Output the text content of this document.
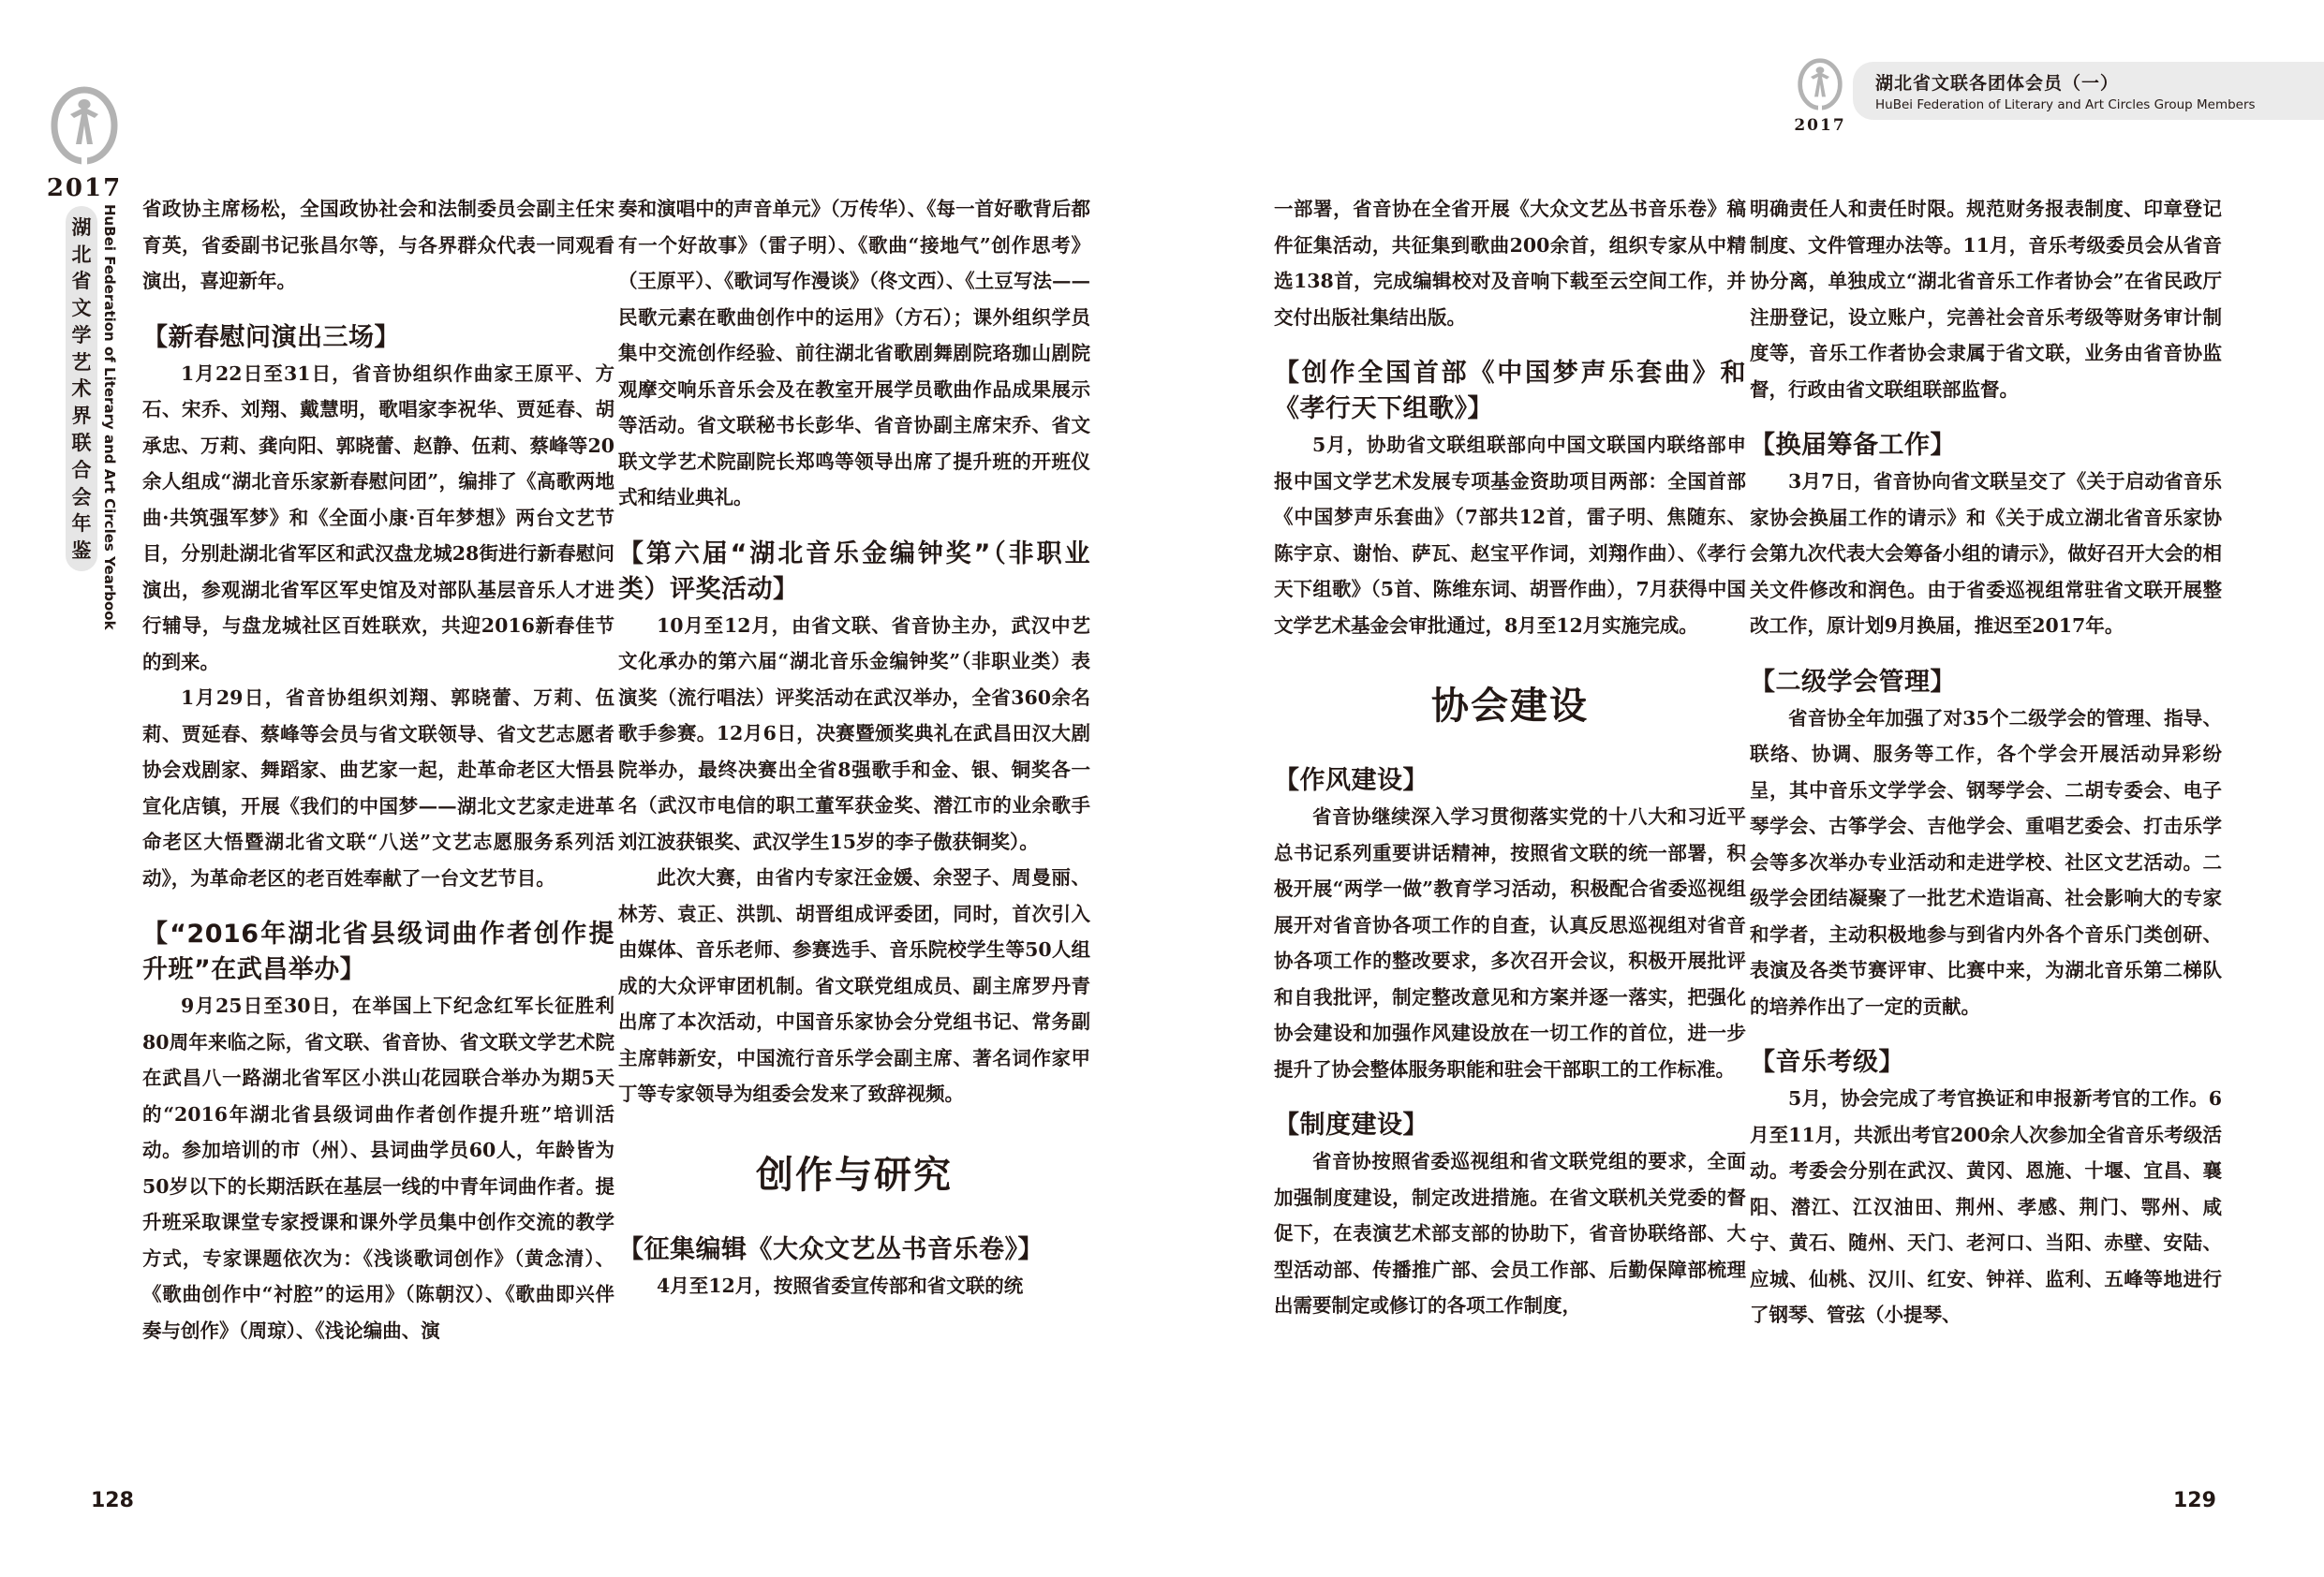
2017
湖
北
省
文
学
艺
术
界
联
合
会
年
鉴 HuBei Federation of Literary and Art Circles Yearbook 省政协主席杨松，全国政协社会和法制委员会副主任宋育英，省委副书记张昌尔等，与各界群众代表一同观看演出，喜迎新年。

【新春慰问演出三场】

1月22日至31日，省音协组织作曲家王原平、方石、宋乔、刘翔、戴慧明，歌唱家李祝华、贾延春、胡承忠、万莉、龚向阳、郭晓蕾、赵静、伍莉、蔡峰等20余人组成“湖北音乐家新春慰问团”，编排了《高歌两地曲·共筑强军梦》和《全面小康·百年梦想》两台文艺节目，分别赴湖北省军区和武汉盘龙城28街进行新春慰问演出，参观湖北省军区军史馆及对部队基层音乐人才进行辅导，与盘龙城社区百姓联欢，共迎2016新春佳节的到来。

1月29日，省音协组织刘翔、郭晓蕾、万莉、伍莉、贾延春、蔡峰等会员与省文联领导、省文艺志愿者协会戏剧家、舞蹈家、曲艺家一起，赴革命老区大悟县宣化店镇，开展《我们的中国梦——湖北文艺家走进革命老区大悟暨湖北省文联“八送”文艺志愿服务系列活动》，为革命老区的老百姓奉献了一台文艺节目。

【“2016年湖北省县级词曲作者创作提升班”在武昌举办】

9月25日至30日，在举国上下纪念红军长征胜利80周年来临之际，省文联、省音协、省文联文学艺术院在武昌八一路湖北省军区小洪山花园联合举办为期5天的“2016年湖北省县级词曲作者创作提升班”培训活动。参加培训的市（州）、县词曲学员60人，年龄皆为50岁以下的长期活跃在基层一线的中青年词曲作者。提升班采取课堂专家授课和课外学员集中创作交流的教学方式，专家课题依次为：《浅谈歌词创作》（黄念清）、《歌曲创作中“衬腔”的运用》（陈朝汉）、《歌曲即兴伴奏与创作》（周琼）、《浅论编曲、演

奏和演唱中的声音单元》（万传华）、《每一首好歌背后都有一个好故事》（雷子明）、《歌曲“接地气”创作思考》（王原平）、《歌词写作漫谈》（佟文西）、《土豆写法——民歌元素在歌曲创作中的运用》（方石）；课外组织学员集中交流创作经验、前往湖北省歌剧舞剧院珞珈山剧院观摩交响乐音乐会及在教室开展学员歌曲作品成果展示等活动。省文联秘书长彭华、省音协副主席宋乔、省文联文学艺术院副院长郑鸣等领导出席了提升班的开班仪式和结业典礼。

【第六届“湖北音乐金编钟奖”（非职业类）评奖活动】

10月至12月，由省文联、省音协主办，武汉中艺文化承办的第六届“湖北音乐金编钟奖”（非职业类）表演奖（流行唱法）评奖活动在武汉举办，全省360余名歌手参赛。12月6日，决赛暨颁奖典礼在武昌田汉大剧院举办，最终决赛出全省8强歌手和金、银、铜奖各一名（武汉市电信的职工董军获金奖、潜江市的业余歌手刘江波获银奖、武汉学生15岁的李子傲获铜奖）。

此次大赛，由省内专家汪金媛、余翌子、周曼丽、林芳、袁正、洪凯、胡晋组成评委团，同时，首次引入由媒体、音乐老师、参赛选手、音乐院校学生等50人组成的大众评审团机制。省文联党组成员、副主席罗丹青出席了本次活动，中国音乐家协会分党组书记、常务副主席韩新安，中国流行音乐学会副主席、著名词作家甲丁等专家领导为组委会发来了致辞视频。

创作与研究
【征集编辑《大众文艺丛书音乐卷》】

4月至12月，按照省委宣传部和省文联的统

128
2017
湖北省文联各团体会员（一）
HuBei Federation of Literary and Art Circles Group Members

一部署，省音协在全省开展《大众文艺丛书音乐卷》稿件征集活动，共征集到歌曲200余首，组织专家从中精选138首，完成编辑校对及音响下载至云空间工作，并交付出版社集结出版。

【创作全国首部《中国梦声乐套曲》和《孝行天下组歌》】

5月，协助省文联组联部向中国文联国内联络部申报中国文学艺术发展专项基金资助项目两部：全国首部《中国梦声乐套曲》（7部共12首，雷子明、焦随东、陈宇京、谢怡、萨瓦、赵宝平作词，刘翔作曲）、《孝行天下组歌》（5首、陈维东词、胡晋作曲），7月获得中国文学艺术基金会审批通过，8月至12月实施完成。

协会建设
【作风建设】

省音协继续深入学习贯彻落实党的十八大和习近平总书记系列重要讲话精神，按照省文联的统一部署，积极开展“两学一做”教育学习活动，积极配合省委巡视组展开对省音协各项工作的自查，认真反思巡视组对省音协各项工作的整改要求，多次召开会议，积极开展批评和自我批评，制定整改意见和方案并逐一落实，把强化协会建设和加强作风建设放在一切工作的首位，进一步提升了协会整体服务职能和驻会干部职工的工作标准。

【制度建设】

省音协按照省委巡视组和省文联党组的要求，全面加强制度建设，制定改进措施。在省文联机关党委的督促下，在表演艺术部支部的协助下，省音协联络部、大型活动部、传播推广部、会员工作部、后勤保障部梳理出需要制定或修订的各项工作制度，

明确责任人和责任时限。规范财务报表制度、印章登记制度、文件管理办法等。11月，音乐考级委员会从省音协分离，单独成立“湖北省音乐工作者协会”在省民政厅注册登记，设立账户，完善社会音乐考级等财务审计制度等，音乐工作者协会隶属于省文联，业务由省音协监督，行政由省文联组联部监督。

【换届筹备工作】

3月7日，省音协向省文联呈交了《关于启动省音乐家协会换届工作的请示》和《关于成立湖北省音乐家协会第九次代表大会筹备小组的请示》，做好召开大会的相关文件修改和润色。由于省委巡视组常驻省文联开展整改工作，原计划9月换届，推迟至2017年。

【二级学会管理】

省音协全年加强了对35个二级学会的管理、指导、联络、协调、服务等工作，各个学会开展活动异彩纷呈，其中音乐文学学会、钢琴学会、二胡专委会、电子琴学会、古筝学会、吉他学会、重唱艺委会、打击乐学会等多次举办专业活动和走进学校、社区文艺活动。二级学会团结凝聚了一批艺术造诣高、社会影响大的专家和学者，主动积极地参与到省内外各个音乐门类创研、表演及各类节赛评审、比赛中来，为湖北音乐第二梯队的培养作出了一定的贡献。

【音乐考级】

5月，协会完成了考官换证和申报新考官的工作。6月至11月，共派出考官200余人次参加全省音乐考级活动。考委会分别在武汉、黄冈、恩施、十堰、宜昌、襄阳、潜江、江汉油田、荆州、孝感、荆门、鄂州、咸宁、黄石、随州、天门、老河口、当阳、赤壁、安陆、应城、仙桃、汉川、红安、钟祥、监利、五峰等地进行了钢琴、管弦（小提琴、

129
